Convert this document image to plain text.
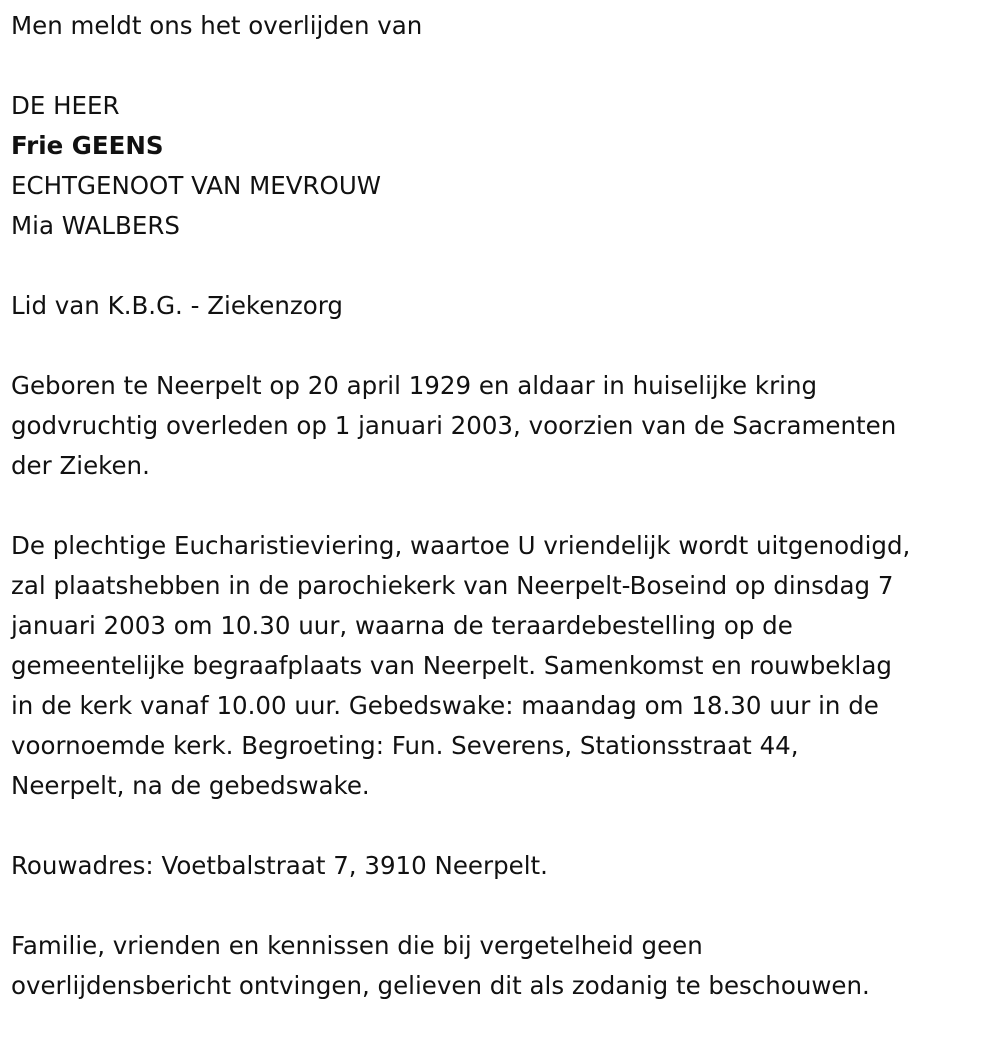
Men meldt ons het overlijden van
DE HEER
Frie GEENS
ECHTGENOOT VAN MEVROUW
Mia WALBERS
Lid van K.B.G. - Ziekenzorg
Geboren te Neerpelt op 20 april 1929 en aldaar in huiselijke kring
godvruchtig overleden op 1 januari 2003, voorzien van de Sacramenten
der Zieken.
De plechtige Eucharistieviering, waartoe U vriendelijk wordt uitgenodigd,
zal plaatshebben in de parochiekerk van Neerpelt-Boseind op dinsdag 7
januari 2003 om 10.30 uur, waarna de teraardebestelling op de
gemeentelijke begraafplaats van Neerpelt. Samenkomst en rouwbeklag
in de kerk vanaf 10.00 uur. Gebedswake: maandag om 18.30 uur in de
voornoemde kerk. Begroeting: Fun. Severens, Stationsstraat 44,
Neerpelt, na de gebedswake.
Rouwadres: Voetbalstraat 7, 3910 Neerpelt.
Familie, vrienden en kennissen die bij vergetelheid geen
overlijdensbericht ontvingen, gelieven dit als zodanig te beschouwen.
